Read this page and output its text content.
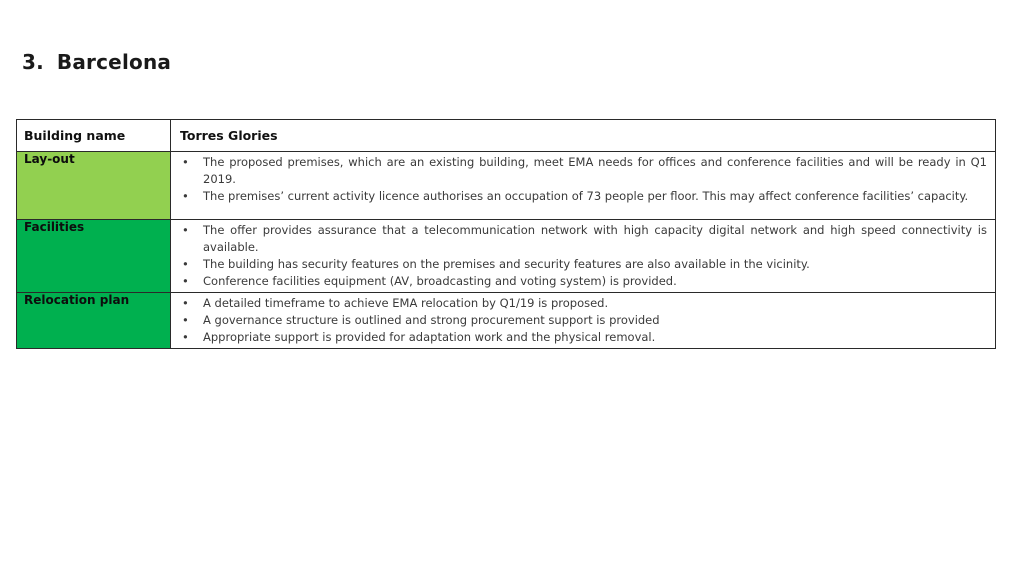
3. Barcelona
Building name	Torres Glories
Lay-out	• The proposed premises, which are an existing building, meet EMA needs for offices and conference facilities and will be ready in Q1 2019.
• The premises’ current activity licence authorises an occupation of 73 people per floor. This may affect conference facilities’ capacity.

Facilities	• The offer provides assurance that a telecommunication network with high capacity digital network and high speed connectivity is available.
• The building has security features on the premises and security features are also available in the vicinity.
• Conference facilities equipment (AV, broadcasting and voting system) is provided.

Relocation plan	• A detailed timeframe to achieve EMA relocation by Q1/19 is proposed.
• A governance structure is outlined and strong procurement support is provided
• Appropriate support is provided for adaptation work and the physical removal.
